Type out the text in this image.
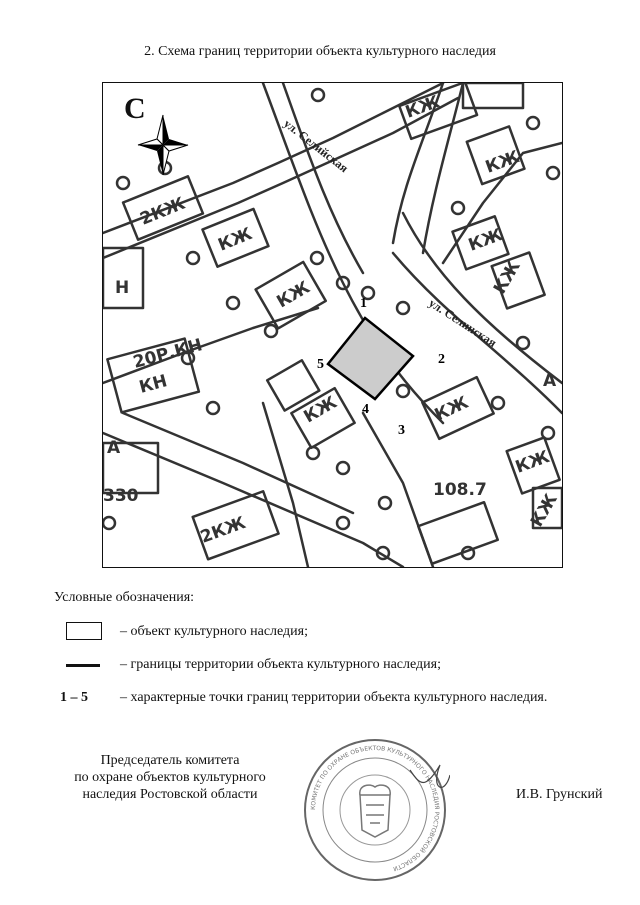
2. Схема границ территории объекта культурного наследия
1
2
3
4
5
ул. Селийская
ул. Селинская
2КЖ
КЖ
КЖ
Н
КЖ
20Р.КН
КН
КЖ	КЖ
КЖ
КЖ
КЖ
КЖ
КЖ
А
А
2КЖ
108.7
330
С
Условные обозначения:
– объект культурного наследия;
– границы территории объекта культурного наследия;
1 – 5 – характерные точки границ территории объекта культурного наследия.
Председатель комитета
по охране объектов культурного
наследия Ростовской области
КОМИТЕТ ПО ОХРАНЕ ОБЪЕКТОВ КУЛЬТУРНОГО НАСЛЕДИЯ РОСТОВСКОЙ ОБЛАСТИ
И.В. Грунский
